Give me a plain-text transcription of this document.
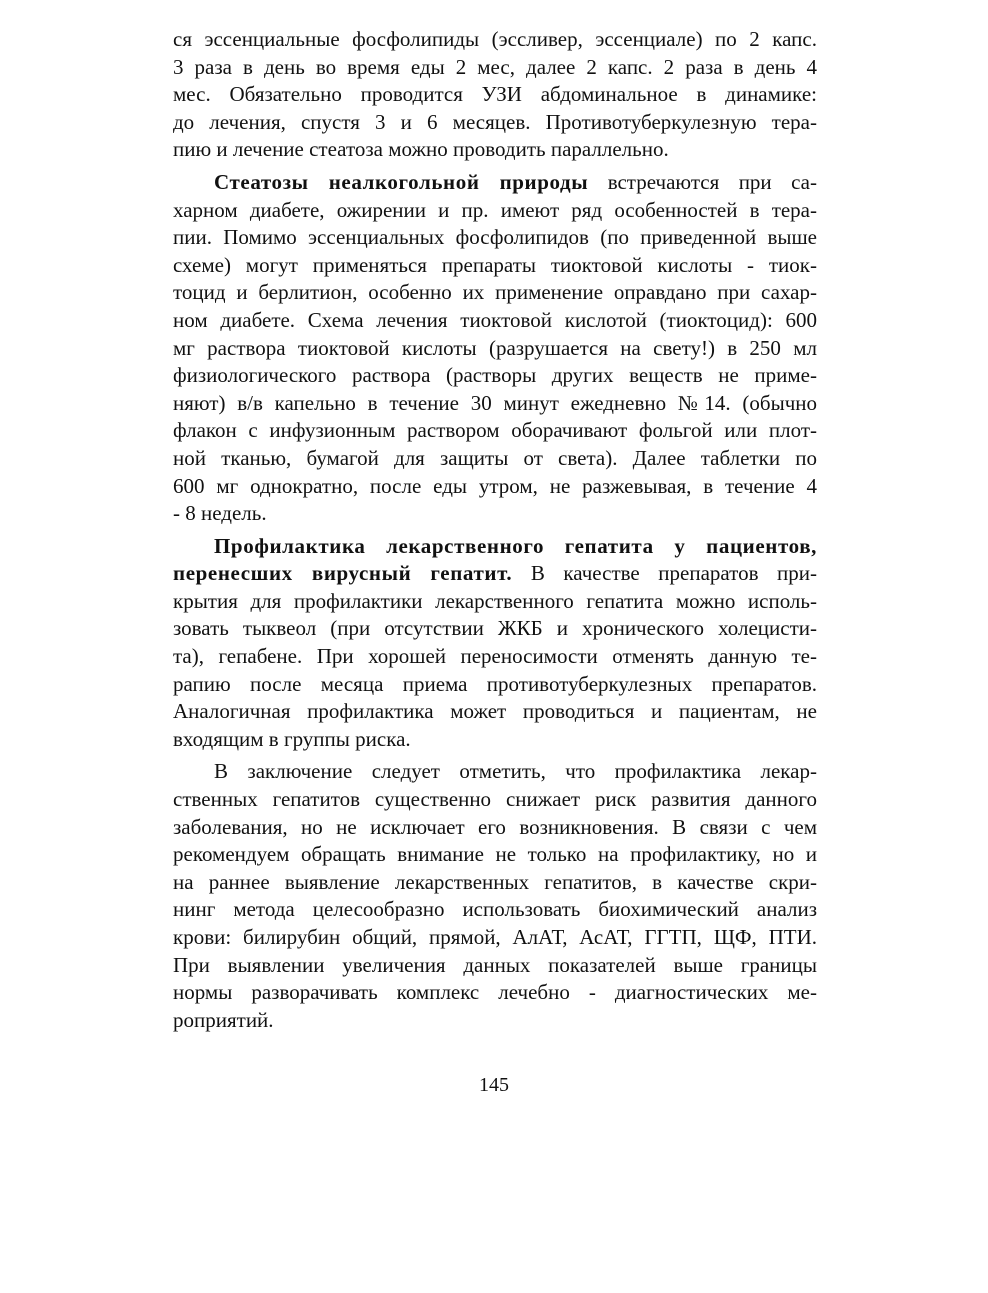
ся эссенциальные фосфолипиды (эссливер, эссенциале) по 2 капс.
3 раза в день во время еды 2 мес, далее 2 капс. 2 раза в день 4
мес. Обязательно проводится УЗИ абдоминальное в динамике:
до лечения, спустя 3 и 6 месяцев. Противотуберкулезную тера-
пию и лечение стеатоза можно проводить параллельно.
Стеатозы неалкогольной природы встречаются при са-
харном диабете, ожирении и пр. имеют ряд особенностей в тера-
пии. Помимо эссенциальных фосфолипидов (по приведенной выше
схеме) могут применяться препараты тиоктовой кислоты - тиок-
тоцид и берлитион, особенно их применение оправдано при сахар-
ном диабете. Схема лечения тиоктовой кислотой (тиоктоцид): 600
мг раствора тиоктовой кислоты (разрушается на свету!) в 250 мл
физиологического раствора (растворы других веществ не приме-
няют) в/в капельно в течение 30 минут ежедневно №14. (обычно
флакон с инфузионным раствором оборачивают фольгой или плот-
ной тканью, бумагой для защиты от света). Далее таблетки по
600 мг однократно, после еды утром, не разжевывая, в течение 4
- 8 недель.
Профилактика лекарственного гепатита у пациентов,
перенесших вирусный гепатит. В качестве препаратов при-
крытия для профилактики лекарственного гепатита можно исполь-
зовать тыквеол (при отсутствии ЖКБ и хронического холецисти-
та), гепабене. При хорошей переносимости отменять данную те-
рапию после месяца приема противотуберкулезных препаратов.
Аналогичная профилактика может проводиться и пациентам, не
входящим в группы риска.
В заключение следует отметить, что профилактика лекар-
ственных гепатитов существенно снижает риск развития данного
заболевания, но не исключает его возникновения. В связи с чем
рекомендуем обращать внимание не только на профилактику, но и
на раннее выявление лекарственных гепатитов, в качестве скри-
нинг метода целесообразно использовать биохимический анализ
крови: билирубин общий, прямой, АлАТ, АсАТ, ГГТП, ЩФ, ПТИ.
При выявлении увеличения данных показателей выше границы
нормы разворачивать комплекс лечебно - диагностических ме-
роприятий.
145
